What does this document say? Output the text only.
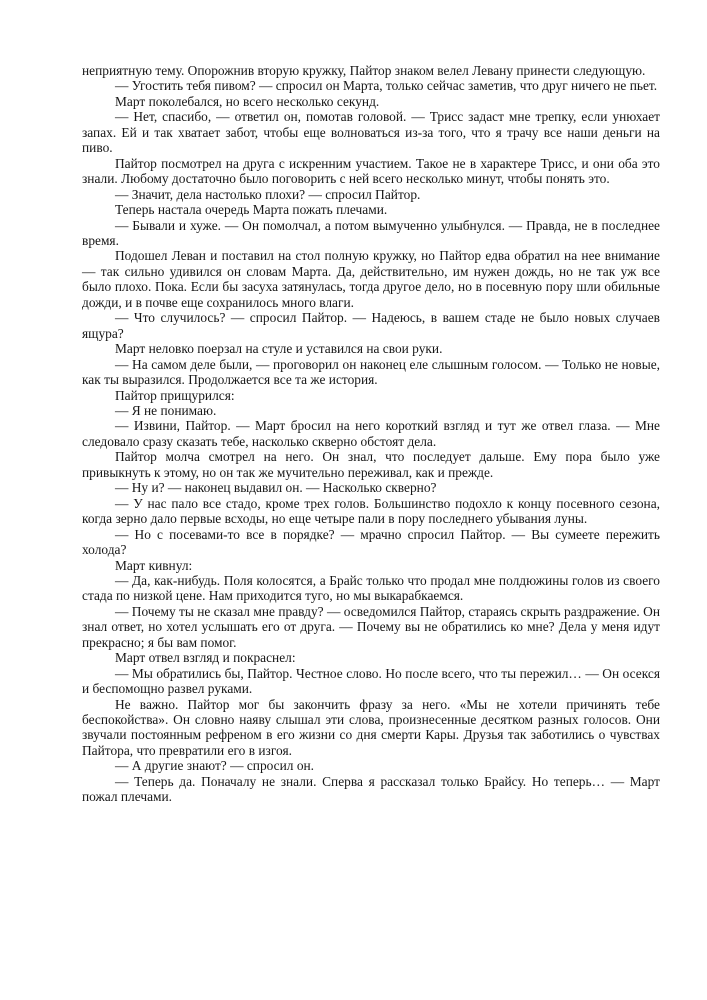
неприятную тему. Опорожнив вторую кружку, Пайтор знаком велел Левану принести следующую.

— Угостить тебя пивом? — спросил он Марта, только сейчас заметив, что друг ничего не пьет.

Март поколебался, но всего несколько секунд.

— Нет, спасибо, — ответил он, помотав головой. — Трисс задаст мне трепку, если унюхает запах. Ей и так хватает забот, чтобы еще волноваться из-за того, что я трачу все наши деньги на пиво.

Пайтор посмотрел на друга с искренним участием. Такое не в характере Трисс, и они оба это знали. Любому достаточно было поговорить с ней всего несколько минут, чтобы понять это.

— Значит, дела настолько плохи? — спросил Пайтор.

Теперь настала очередь Марта пожать плечами.

— Бывали и хуже. — Он помолчал, а потом вымученно улыбнулся. — Правда, не в последнее время.

Подошел Леван и поставил на стол полную кружку, но Пайтор едва обратил на нее внимание — так сильно удивился он словам Марта. Да, действительно, им нужен дождь, но не так уж все было плохо. Пока. Если бы засуха затянулась, тогда другое дело, но в посевную пору шли обильные дожди, и в почве еще сохранилось много влаги.

— Что случилось? — спросил Пайтор. — Надеюсь, в вашем стаде не было новых случаев ящура?

Март неловко поерзал на стуле и уставился на свои руки.

— На самом деле были, — проговорил он наконец еле слышным голосом. — Только не новые, как ты выразился. Продолжается все та же история.

Пайтор прищурился:

— Я не понимаю.

— Извини, Пайтор. — Март бросил на него короткий взгляд и тут же отвел глаза. — Мне следовало сразу сказать тебе, насколько скверно обстоят дела.

Пайтор молча смотрел на него. Он знал, что последует дальше. Ему пора было уже привыкнуть к этому, но он так же мучительно переживал, как и прежде.

— Ну и? — наконец выдавил он. — Насколько скверно?

— У нас пало все стадо, кроме трех голов. Большинство подохло к концу посевного сезона, когда зерно дало первые всходы, но еще четыре пали в пору последнего убывания луны.

— Но с посевами-то все в порядке? — мрачно спросил Пайтор. — Вы сумеете пережить холода?

Март кивнул:

— Да, как-нибудь. Поля колосятся, а Брайс только что продал мне полдюжины голов из своего стада по низкой цене. Нам приходится туго, но мы выкарабкаемся.

— Почему ты не сказал мне правду? — осведомился Пайтор, стараясь скрыть раздражение. Он знал ответ, но хотел услышать его от друга. — Почему вы не обратились ко мне? Дела у меня идут прекрасно; я бы вам помог.

Март отвел взгляд и покраснел:

— Мы обратились бы, Пайтор. Честное слово. Но после всего, что ты пережил… — Он осекся и беспомощно развел руками.

Не важно. Пайтор мог бы закончить фразу за него. «Мы не хотели причинять тебе беспокойства». Он словно наяву слышал эти слова, произнесенные десятком разных голосов. Они звучали постоянным рефреном в его жизни со дня смерти Кары. Друзья так заботились о чувствах Пайтора, что превратили его в изгоя.

— А другие знают? — спросил он.

— Теперь да. Поначалу не знали. Сперва я рассказал только Брайсу. Но теперь… — Март пожал плечами.
